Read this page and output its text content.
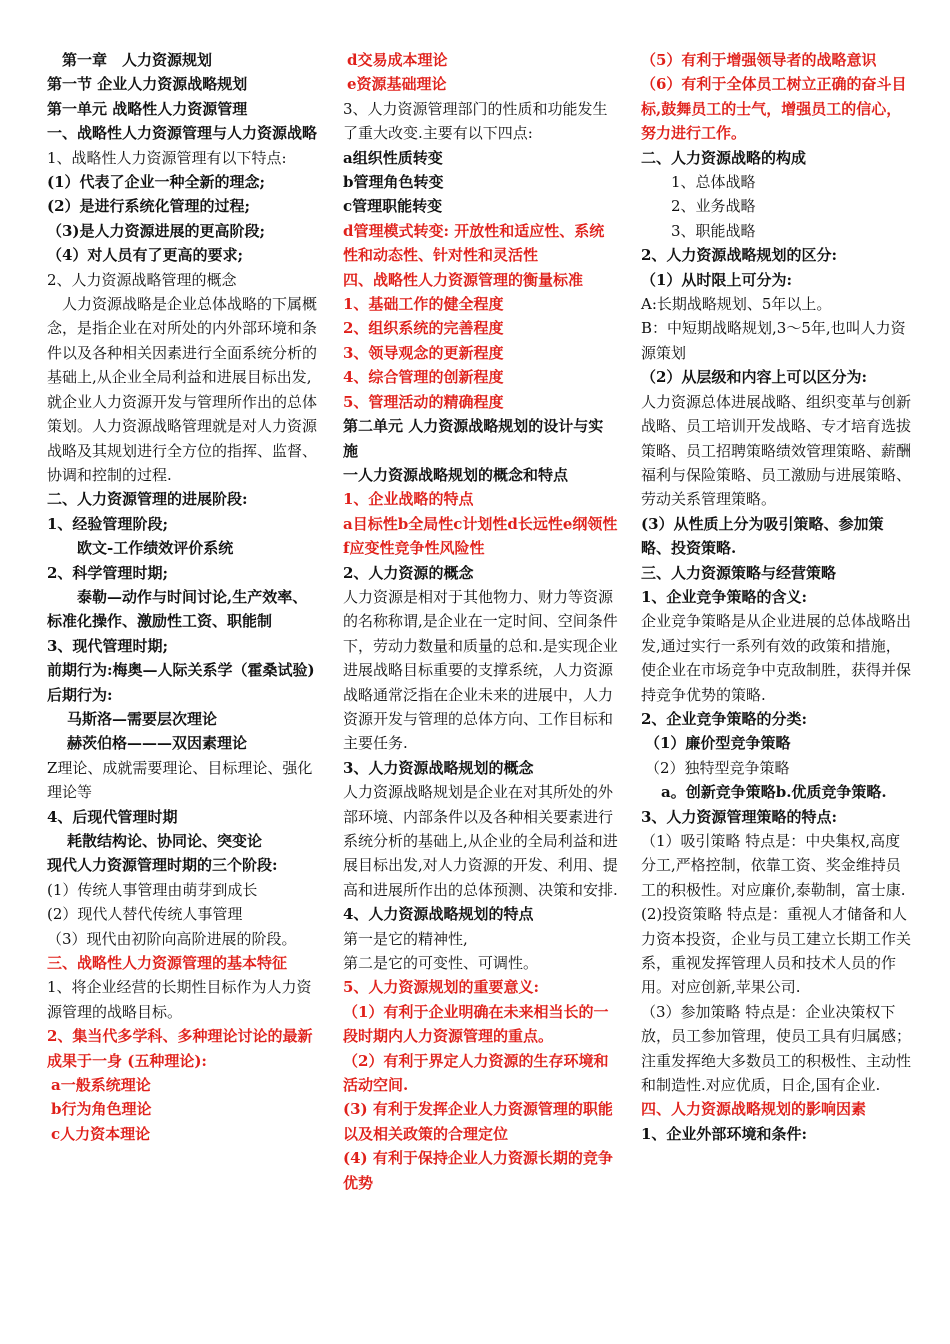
　第一章　人力资源规划

第一节 企业人力资源战略规划

第一单元 战略性人力资源管理

一、战略性人力资源管理与人力资源战略

1、战略性人力资源管理有以下特点:

(1）代表了企业一种全新的理念;

(2）是进行系统化管理的过程;

（3)是人力资源进展的更高阶段;

（4）对人员有了更高的要求;

2、人力资源战略管理的概念

　人力资源战略是企业总体战略的下属概念，是指企业在对所处的内外部环境和条件以及各种相关因素进行全面系统分析的基础上,从企业全局利益和进展目标出发,就企业人力资源开发与管理所作出的总体策划。人力资源战略管理就是对人力资源战略及其规划进行全方位的指挥、监督、协调和控制的过程.

二、人力资源管理的进展阶段:

1、经验管理阶段;

欧文-工作绩效评价系统

2、科学管理时期;

　　泰勒—动作与时间讨论,生产效率、标准化操作、激励性工资、职能制

3、现代管理时期;

前期行为:梅奥—人际关系学（霍桑试验)

后期行为:

马斯洛—需要层次理论

赫茨伯格———双因素理论

Z理论、成就需要理论、目标理论、强化理论等

4、后现代管理时期

耗散结构论、协同论、突变论

现代人力资源管理时期的三个阶段:

(1）传统人事管理由萌芽到成长

(2）现代人替代传统人事管理

（3）现代由初阶向高阶进展的阶段。

三、战略性人力资源管理的基本特征

1、将企业经营的长期性目标作为人力资源管理的战略目标。

2、集当代多学科、多种理论讨论的最新成果于一身 (五种理论):

a一般系统理论

b行为角色理论

c人力资本理论

d交易成本理论

e资源基础理论

3、人力资源管理部门的性质和功能发生了重大改变.主要有以下四点:

a组织性质转变

b管理角色转变

c管理职能转变

d管理模式转变: 开放性和适应性、系统性和动态性、针对性和灵活性

四、战略性人力资源管理的衡量标准

1、基础工作的健全程度

2、组织系统的完善程度

3、领导观念的更新程度

4、综合管理的创新程度

5、管理活动的精确程度

第二单元 人力资源战略规划的设计与实施

一人力资源战略规划的概念和特点

1、企业战略的特点

a目标性b全局性c计划性d长远性e纲领性f应变性竞争性风险性

2、人力资源的概念

人力资源是相对于其他物力、财力等资源的名称称谓,是企业在一定时间、空间条件下，劳动力数量和质量的总和.是实现企业进展战略目标重要的支撑系统，人力资源战略通常泛指在企业未来的进展中，人力资源开发与管理的总体方向、工作目标和主要任务.

3、人力资源战略规划的概念

人力资源战略规划是企业在对其所处的外部环境、内部条件以及各种相关要素进行系统分析的基础上,从企业的全局利益和进展目标出发,对人力资源的开发、利用、提高和进展所作出的总体预测、决策和安排.

4、人力资源战略规划的特点

第一是它的精神性,

第二是它的可变性、可调性。

5、人力资源规划的重要意义:

（1）有利于企业明确在未来相当长的一段时期内人力资源管理的重点。

（2）有利于界定人力资源的生存环境和活动空间.

(3) 有利于发挥企业人力资源管理的职能以及相关政策的合理定位

(4) 有利于保持企业人力资源长期的竞争优势

（5）有利于增强领导者的战略意识

（6）有利于全体员工树立正确的奋斗目标,鼓舞员工的士气，增强员工的信心，努力进行工作。

二、人力资源战略的构成

1、总体战略

2、业务战略

3、职能战略

2、人力资源战略规划的区分:

（1）从时限上可分为:

A:长期战略规划、5年以上。

B：中短期战略规划,3～5年,也叫人力资源策划

（2）从层级和内容上可以区分为:

人力资源总体进展战略、组织变革与创新战略、员工培训开发战略、专才培育选拔策略、员工招聘策略绩效管理策略、薪酬福利与保险策略、员工激励与进展策略、劳动关系管理策略。

(3）从性质上分为吸引策略、参加策略、投资策略.

三、人力资源策略与经营策略

1、企业竞争策略的含义:

企业竞争策略是从企业进展的总体战略出发,通过实行一系列有效的政策和措施，使企业在市场竞争中克敌制胜，获得并保持竞争优势的策略.

2、企业竞争策略的分类:

（1）廉价型竞争策略

（2）独特型竞争策略

a。创新竞争策略b.优质竞争策略.

3、人力资源管理策略的特点:

（1）吸引策略 特点是：中央集权,高度分工,严格控制，依靠工资、奖金维持员工的积极性。对应廉价,泰勒制，富士康.

(2)投资策略 特点是：重视人才储备和人力资本投资，企业与员工建立长期工作关系，重视发挥管理人员和技术人员的作用。对应创新,苹果公司.

（3）参加策略 特点是：企业决策权下放，员工参加管理，使员工具有归属感；注重发挥绝大多数员工的积极性、主动性和制造性.对应优质，日企,国有企业.

四、人力资源战略规划的影响因素

1、企业外部环境和条件:
